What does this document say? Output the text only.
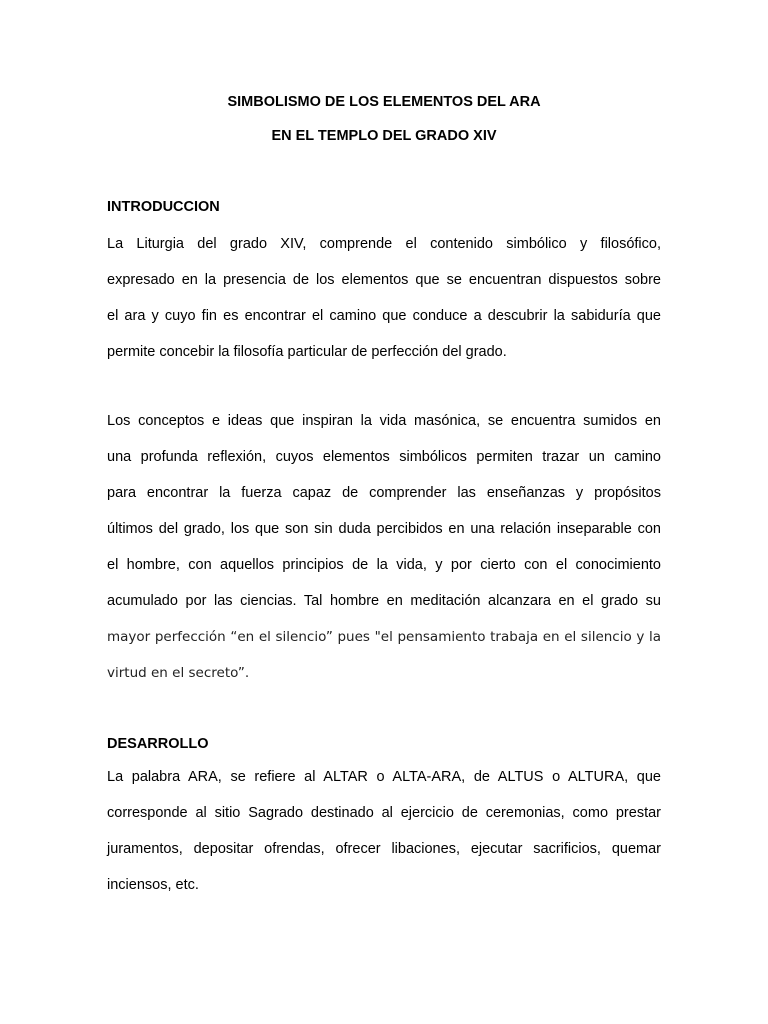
SIMBOLISMO DE LOS ELEMENTOS DEL ARA
EN EL TEMPLO DEL GRADO XIV
INTRODUCCION
La Liturgia del grado XIV, comprende el contenido simbólico y filosófico,
expresado en la presencia de los elementos que se encuentran dispuestos sobre
el ara y cuyo fin es encontrar el camino que conduce a descubrir la sabiduría que
permite concebir la filosofía particular de perfección del grado.
Los conceptos e ideas que inspiran la vida masónica, se encuentra sumidos en
una profunda reflexión, cuyos elementos simbólicos permiten trazar un camino
para encontrar la fuerza capaz de comprender las enseñanzas y propósitos
últimos del grado, los que son sin duda percibidos en una relación inseparable con
el hombre, con aquellos principios de la vida, y por cierto con el conocimiento
acumulado por las ciencias. Tal hombre en meditación alcanzara en el grado su
mayor perfección “en el silencio” pues "el pensamiento trabaja en el silencio y la
virtud en el secreto”.
DESARROLLO
La palabra ARA, se refiere al ALTAR o ALTA-ARA, de ALTUS o ALTURA, que
corresponde al sitio Sagrado destinado al ejercicio de ceremonias, como prestar
juramentos, depositar ofrendas, ofrecer libaciones, ejecutar sacrificios, quemar
inciensos, etc.
